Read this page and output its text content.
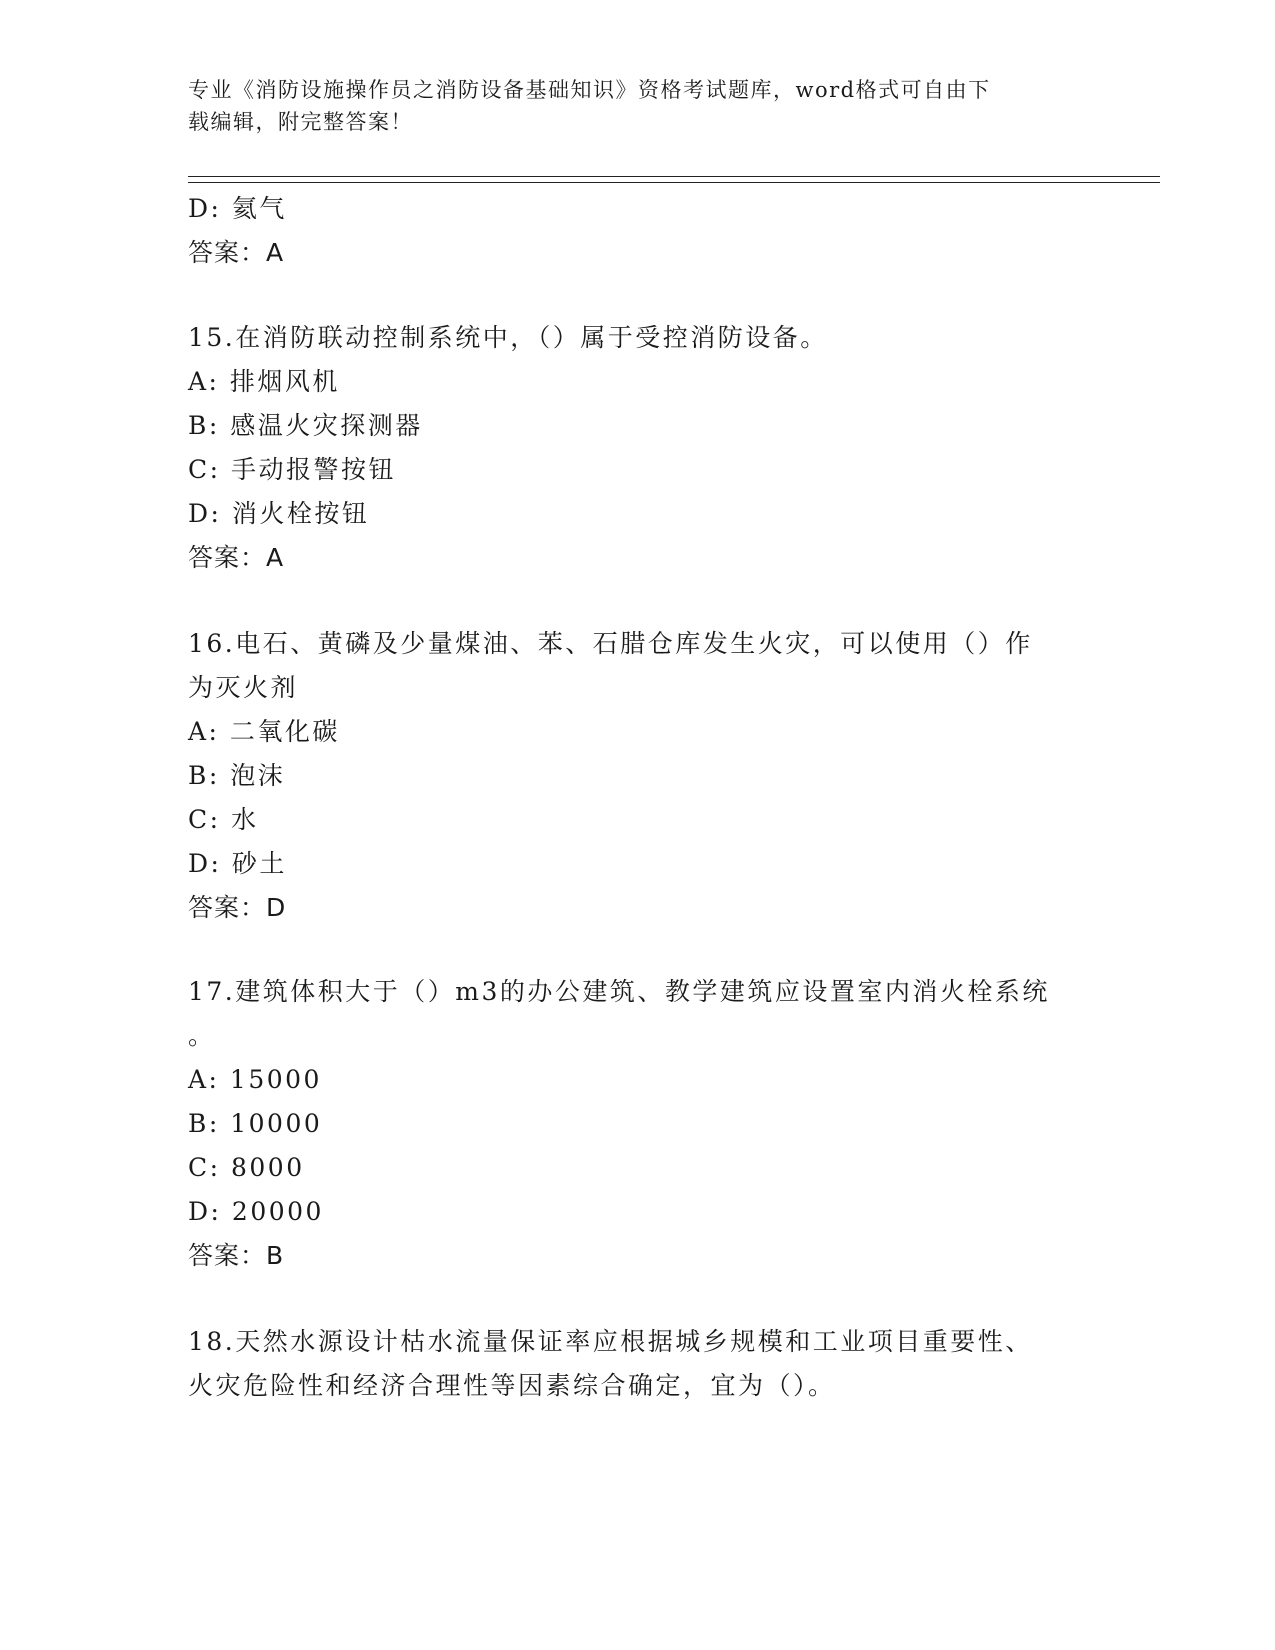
专业《消防设施操作员之消防设备基础知识》资格考试题库，word格式可自由下
载编辑，附完整答案！
D: 氦气
答案：A
15.在消防联动控制系统中，（）属于受控消防设备。
A: 排烟风机
B: 感温火灾探测器
C: 手动报警按钮
D: 消火栓按钮
答案：A
16.电石、黄磷及少量煤油、苯、石腊仓库发生火灾，可以使用（）作
为灭火剂
A: 二氧化碳
B: 泡沫
C: 水
D: 砂土
答案：D
17.建筑体积大于（）m3的办公建筑、教学建筑应设置室内消火栓系统
。
A: 15000
B: 10000
C: 8000
D: 20000
答案：B
18.天然水源设计枯水流量保证率应根据城乡规模和工业项目重要性、
火灾危险性和经济合理性等因素综合确定，宜为（）。
